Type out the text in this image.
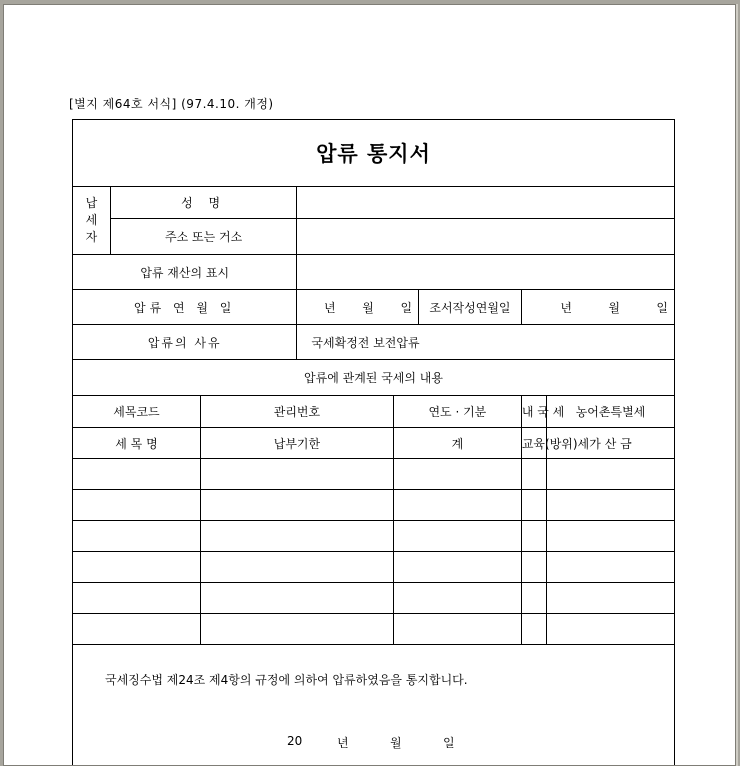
[별지 제64호 서식] (97.4.10. 개정)
압류 통지서							
납
세
자	성 명						
	주소 또는 거소						
압류 재산의 표시							
압류 연 월 일			년 월 일		조서작성연월일	년 월 일	

압류의 사유			국세확정전 보전압류				
압류에 관계된 국세의 내용							
세목코드		관리번호		연도 · 기분		내 국 세	농어촌특별세
세 목 명		납부기한		계		교육(방위)세	가 산 금

국세징수법 제24조 제4항의 규정에 의하여 압류하였음을 통지합니다.
20 년 월 일							
